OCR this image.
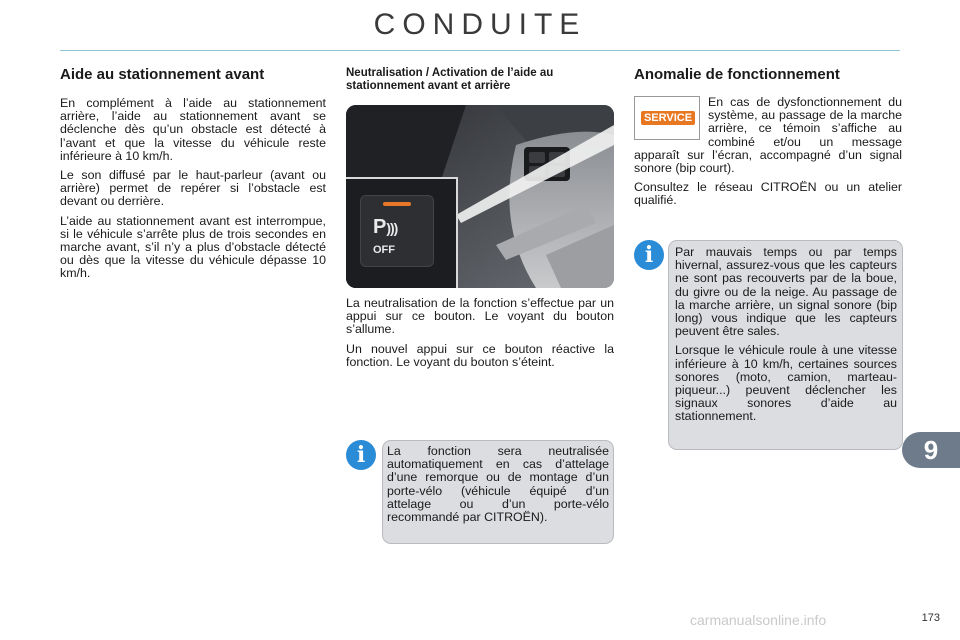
CONDUITE
Aide au stationnement avant

En complément à l’aide au stationnement arrière, l’aide au stationnement avant se déclenche dès qu’un obstacle est détecté à l’avant et que la vitesse du véhicule reste inférieure à 10 km/h.

Le son diffusé par le haut-parleur (avant ou arrière) permet de repérer si l’obstacle est devant ou derrière.

L’aide au stationnement avant est interrompue, si le véhicule s’arrête plus de trois secondes en marche avant, s’il n’y a plus d’obstacle détecté ou dès que la vitesse du véhicule dépasse 10 km/h.

Neutralisation / Activation de l’aide au stationnement avant et arrière
P)))
OFF

La neutralisation de la fonction s’effectue par un appui sur ce bouton. Le voyant du bouton s’allume.

Un nouvel appui sur ce bouton réactive la fonction. Le voyant du bouton s’éteint.

La fonction sera neutralisée automatiquement en cas d’attelage d’une remorque ou de montage d’un porte-vélo (véhicule équipé d’un attelage ou d’un porte-vélo recommandé par CITROËN).

i
Anomalie de fonctionnement
SERVICE

En cas de dysfonctionnement du système, au passage de la marche arrière, ce témoin s’affiche au combiné et/ou un message apparaît sur l’écran, accompagné d’un signal sonore (bip court).

Consultez le réseau CITROËN ou un atelier qualifié.

Par mauvais temps ou par temps hivernal, assurez-vous que les capteurs ne sont pas recouverts par de la boue, du givre ou de la neige. Au passage de la marche arrière, un signal sonore (bip long) vous indique que les capteurs peuvent être sales.

Lorsque le véhicule roule à une vitesse inférieure à 10 km/h, certaines sources sonores (moto, camion, marteau-piqueur...) peuvent déclencher les signaux sonores d’aide au stationnement.

i
9
carmanualsonline.info	173
